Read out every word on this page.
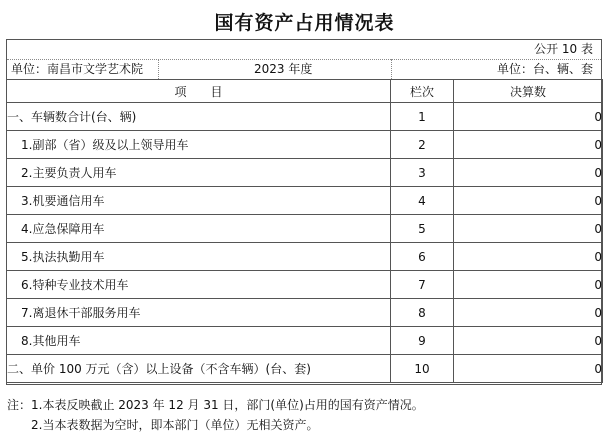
国有资产占用情况表
公开 10 表
单位：南昌市文学艺术院	2023 年度	单位：台、辆、套
项　　目	栏次	决算数
一、车辆数合计(台、辆)	1	0
1.副部（省）级及以上领导用车	2	0
2.主要负责人用车	3	0
3.机要通信用车	4	0
4.应急保障用车	5	0
5.执法执勤用车	6	0
6.特种专业技术用车	7	0
7.离退休干部服务用车	8	0
8.其他用车	9	0
二、单价 100 万元（含）以上设备（不含车辆）(台、套)	10	0
注：1.本表反映截止 2023 年 12 月 31 日，部门(单位)占用的国有资产情况。
2.当本表数据为空时，即本部门（单位）无相关资产。
